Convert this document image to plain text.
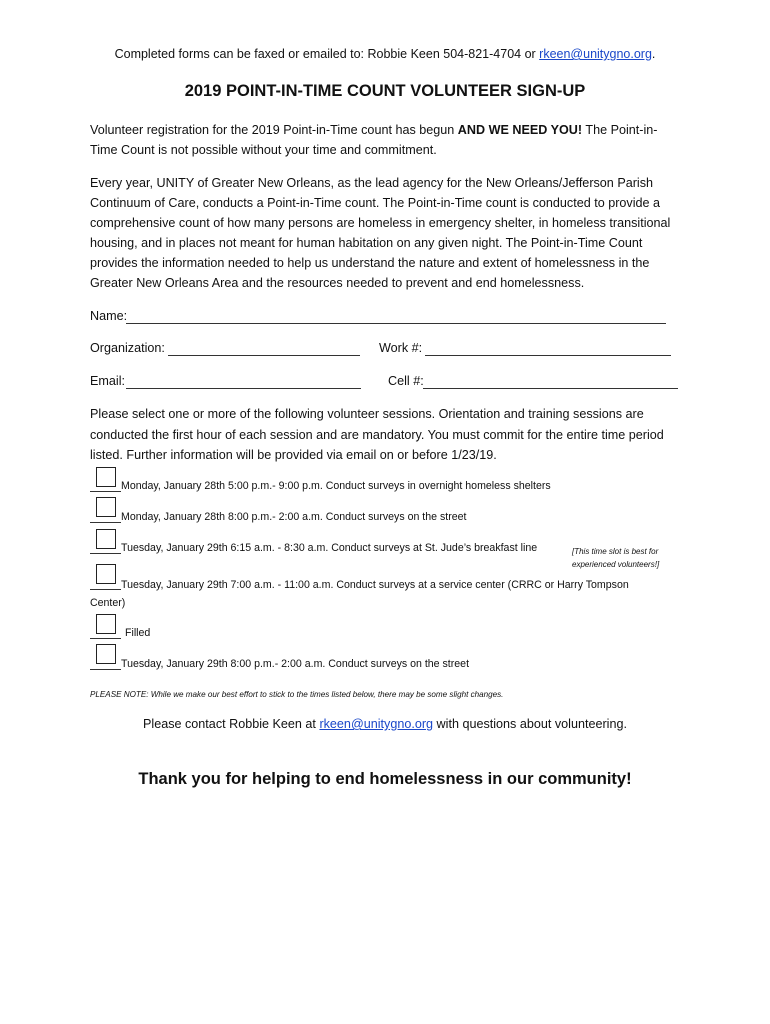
Completed forms can be faxed or emailed to: Robbie Keen 504-821-4704 or rkeen@unitygno.org.
2019 POINT-IN-TIME COUNT VOLUNTEER SIGN-UP
Volunteer registration for the 2019 Point-in-Time count has begun AND WE NEED YOU! The Point-in-Time Count is not possible without your time and commitment.
Every year, UNITY of Greater New Orleans, as the lead agency for the New Orleans/Jefferson Parish Continuum of Care, conducts a Point-in-Time count. The Point-in-Time count is conducted to provide a comprehensive count of how many persons are homeless in emergency shelter, in homeless transitional housing, and in places not meant for human habitation on any given night. The Point-in-Time Count provides the information needed to help us understand the nature and extent of homelessness in the Greater New Orleans Area and the resources needed to prevent and end homelessness.
Name:
Organization:	Work #:
Email:	Cell #:
Please select one or more of the following volunteer sessions. Orientation and training sessions are conducted the first hour of each session and are mandatory. You must commit for the entire time period listed. Further information will be provided via email on or before 1/23/19.
Monday, January 28th 5:00 p.m.- 9:00 p.m. Conduct surveys in overnight homeless shelters
Monday, January 28th 8:00 p.m.- 2:00 a.m. Conduct surveys on the street
Tuesday, January 29th 6:15 a.m. - 8:30 a.m. Conduct surveys at St. Jude’s breakfast line	[This time slot is best for experienced volunteers!]
Tuesday, January 29th 7:00 a.m. - 11:00 a.m. Conduct surveys at a service center (CRRC or Harry Tompson
Center)
Filled
Tuesday, January 29th 8:00 p.m.- 2:00 a.m. Conduct surveys on the street
PLEASE NOTE: While we make our best effort to stick to the times listed below, there may be some slight changes.
Please contact Robbie Keen at rkeen@unitygno.org with questions about volunteering.
Thank you for helping to end homelessness in our community!
